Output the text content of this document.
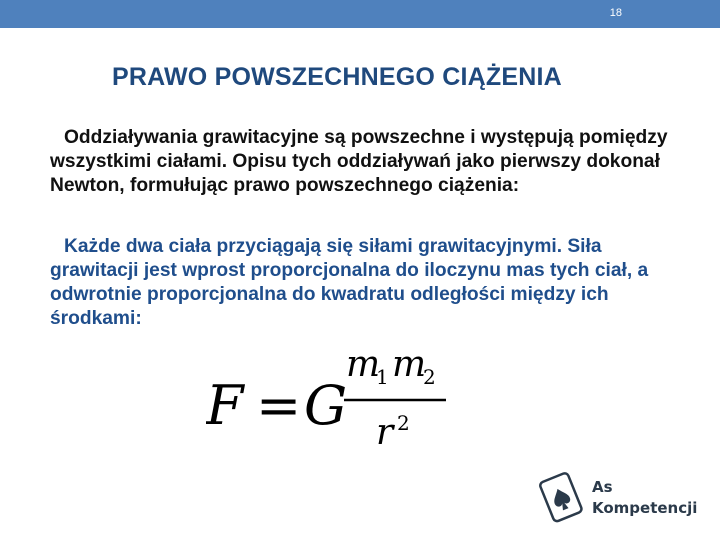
18
PRAWO POWSZECHNEGO CIĄŻENIA
Oddziaływania grawitacyjne są powszechne i występują pomiędzy wszystkimi ciałami. Opisu tych oddziaływań jako pierwszy dokonał Newton, formułując prawo powszechnego ciążenia:
Każde dwa ciała przyciągają się siłami grawitacyjnymi. Siła grawitacji jest wprost proporcjonalna do iloczynu mas tych ciał, a odwrotnie proporcjonalna do kwadratu odległości między ich środkami:
F = G
m
1 m
2
r 2
As
Kompetencji
